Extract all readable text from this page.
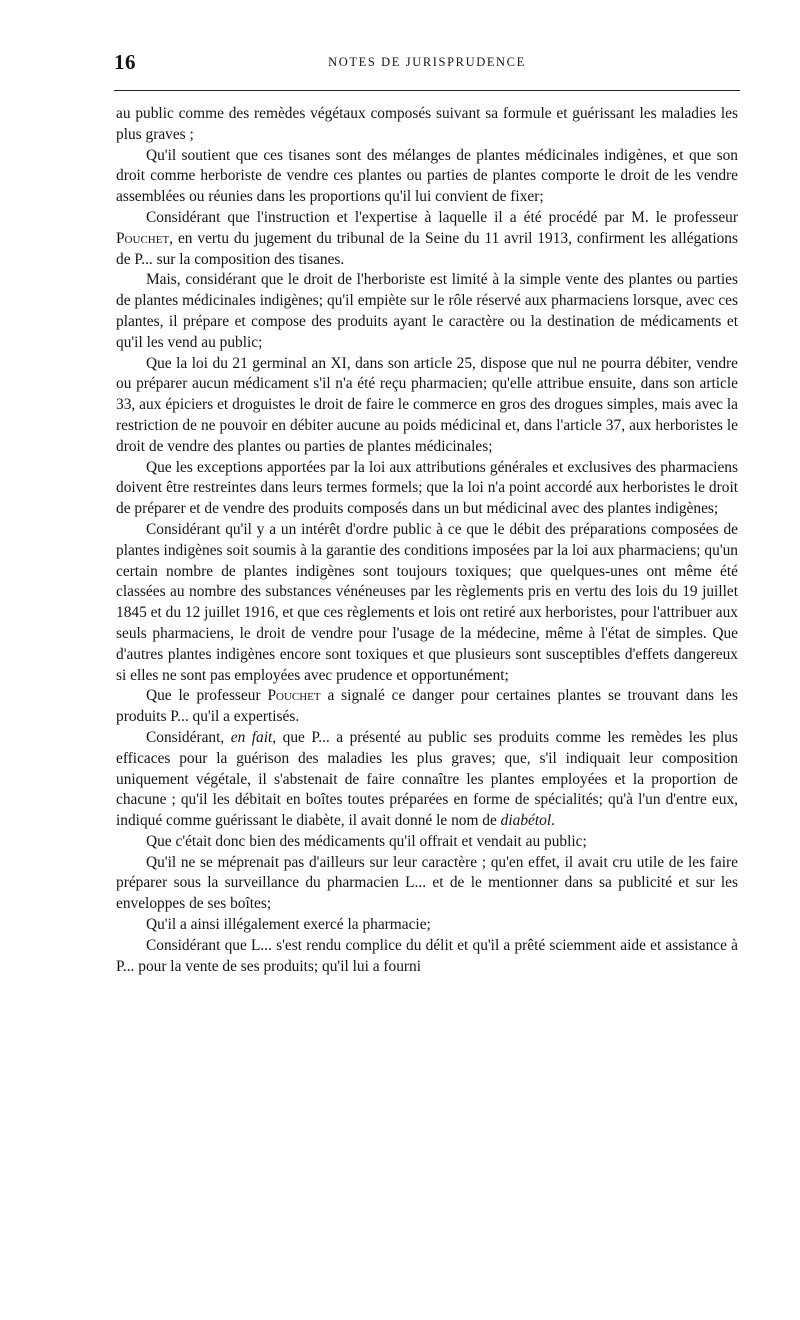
16	NOTES DE JURISPRUDENCE

au public comme des remèdes végétaux composés suivant sa formule et guérissant les maladies les plus graves ;

Qu'il soutient que ces tisanes sont des mélanges de plantes médicinales indigènes, et que son droit comme herboriste de vendre ces plantes ou parties de plantes comporte le droit de les vendre assemblées ou réunies dans les proportions qu'il lui convient de fixer;

Considérant que l'instruction et l'expertise à laquelle il a été procédé par M. le professeur Pouchet, en vertu du jugement du tribunal de la Seine du 11 avril 1913, confirment les allégations de P... sur la composition des tisanes.

Mais, considérant que le droit de l'herboriste est limité à la simple vente des plantes ou parties de plantes médicinales indigènes; qu'il empiète sur le rôle réservé aux pharmaciens lorsque, avec ces plantes, il prépare et compose des produits ayant le caractère ou la destination de médicaments et qu'il les vend au public;

Que la loi du 21 germinal an XI, dans son article 25, dispose que nul ne pourra débiter, vendre ou préparer aucun médicament s'il n'a été reçu pharmacien; qu'elle attribue ensuite, dans son article 33, aux épiciers et droguistes le droit de faire le commerce en gros des drogues simples, mais avec la restriction de ne pouvoir en débiter aucune au poids médicinal et, dans l'article 37, aux herboristes le droit de vendre des plantes ou parties de plantes médicinales;

Que les exceptions apportées par la loi aux attributions générales et exclusives des pharmaciens doivent être restreintes dans leurs termes formels; que la loi n'a point accordé aux herboristes le droit de préparer et de vendre des produits composés dans un but médicinal avec des plantes indigènes;

Considérant qu'il y a un intérêt d'ordre public à ce que le débit des préparations composées de plantes indigènes soit soumis à la garantie des conditions imposées par la loi aux pharmaciens; qu'un certain nombre de plantes indigènes sont toujours toxiques; que quelques-unes ont même été classées au nombre des substances vénéneuses par les règlements pris en vertu des lois du 19 juillet 1845 et du 12 juillet 1916, et que ces règlements et lois ont retiré aux herboristes, pour l'attribuer aux seuls pharmaciens, le droit de vendre pour l'usage de la médecine, même à l'état de simples. Que d'autres plantes indigènes encore sont toxiques et que plusieurs sont susceptibles d'effets dangereux si elles ne sont pas employées avec prudence et opportunément;

Que le professeur Pouchet a signalé ce danger pour certaines plantes se trouvant dans les produits P... qu'il a expertisés.

Considérant, en fait, que P... a présenté au public ses produits comme les remèdes les plus efficaces pour la guérison des maladies les plus graves; que, s'il indiquait leur composition uniquement végétale, il s'abstenait de faire connaître les plantes employées et la proportion de chacune ; qu'il les débitait en boîtes toutes préparées en forme de spécialités; qu'à l'un d'entre eux, indiqué comme guérissant le diabète, il avait donné le nom de diabétol.

Que c'était donc bien des médicaments qu'il offrait et vendait au public;

Qu'il ne se méprenait pas d'ailleurs sur leur caractère ; qu'en effet, il avait cru utile de les faire préparer sous la surveillance du pharmacien L... et de le mentionner dans sa publicité et sur les enveloppes de ses boîtes;

Qu'il a ainsi illégalement exercé la pharmacie;

Considérant que L... s'est rendu complice du délit et qu'il a prêté sciemment aide et assistance à P... pour la vente de ses produits; qu'il lui a fourni
